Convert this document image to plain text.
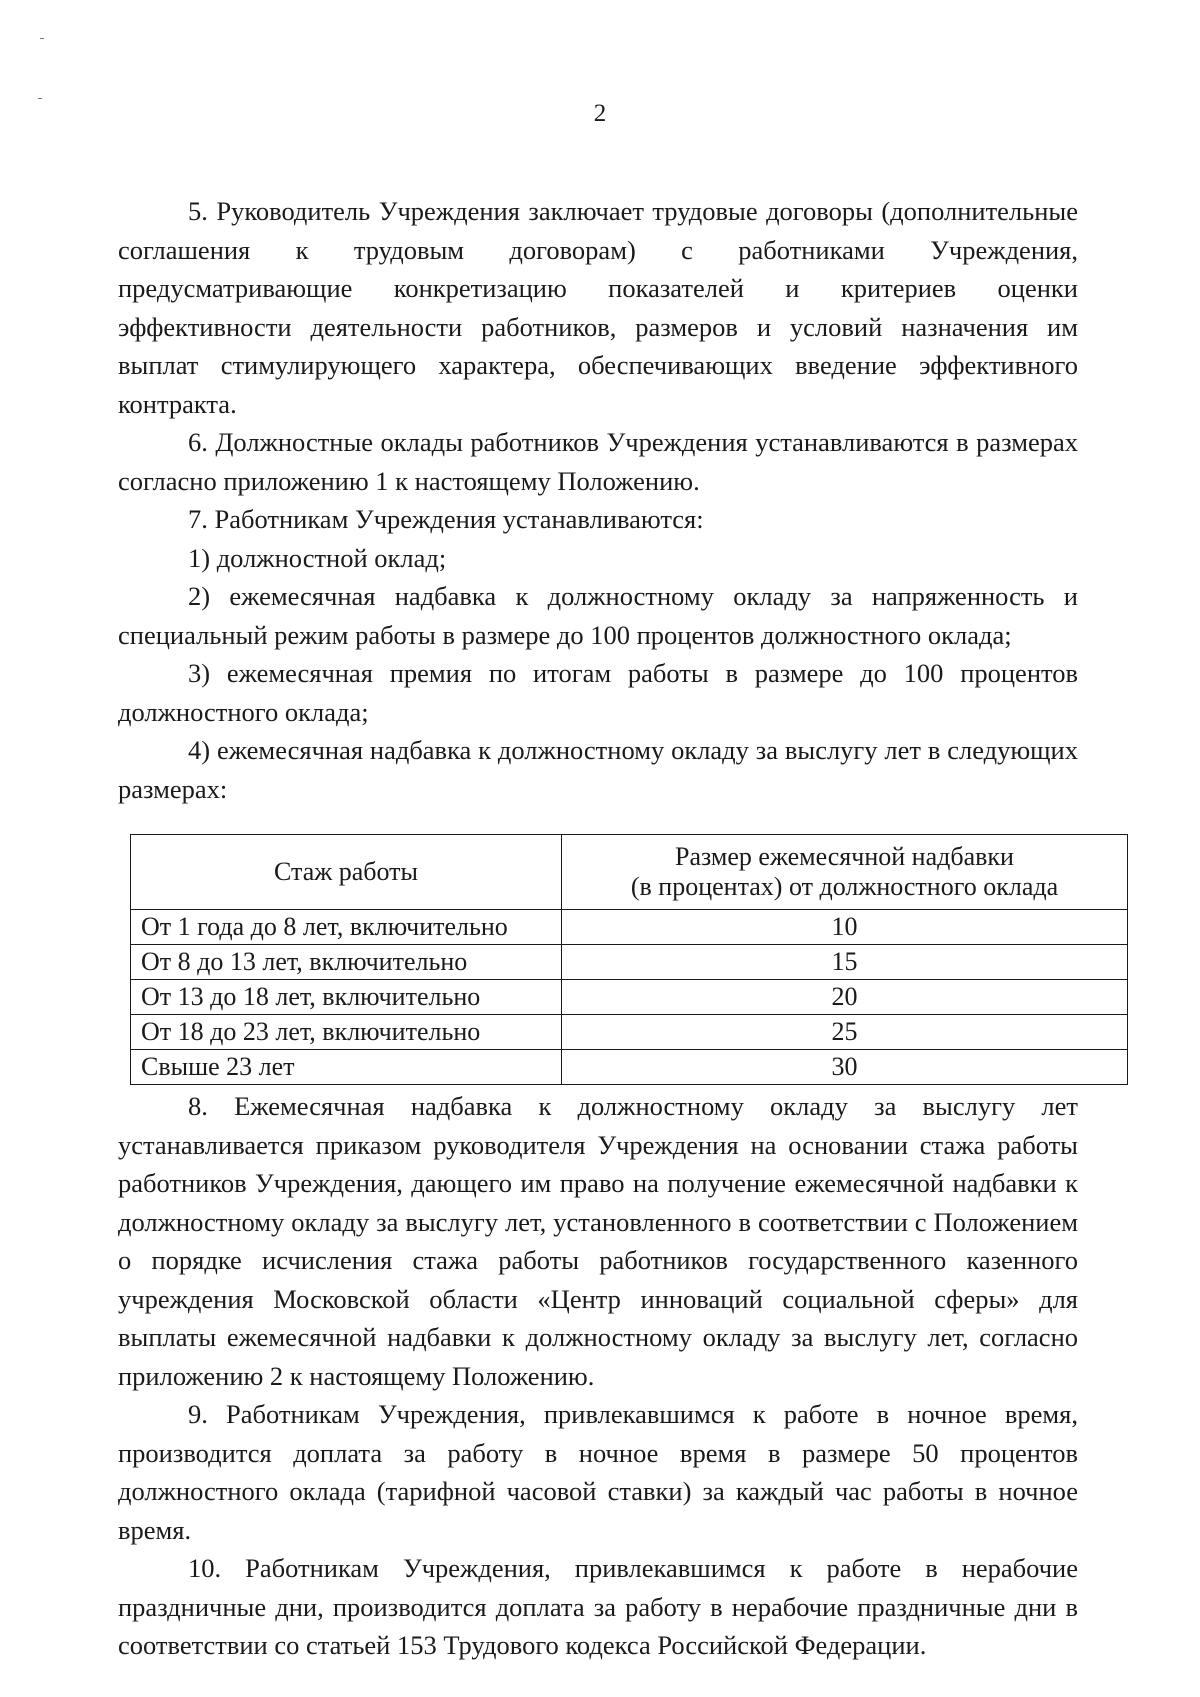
2

5. Руководитель Учреждения заключает трудовые договоры (дополнительные соглашения к трудовым договорам) с работниками Учреждения, предусматривающие конкретизацию показателей и критериев оценки эффективности деятельности работников, размеров и условий назначения им выплат стимулирующего характера, обеспечивающих введение эффективного контракта.

6. Должностные оклады работников Учреждения устанавливаются в размерах согласно приложению 1 к настоящему Положению.

7. Работникам Учреждения устанавливаются:

1) должностной оклад;

2) ежемесячная надбавка к должностному окладу за напряженность и специальный режим работы в размере до 100 процентов должностного оклада;

3) ежемесячная премия по итогам работы в размере до 100 процентов должностного оклада;

4) ежемесячная надбавка к должностному окладу за выслугу лет в следующих размерах:

Стаж работы	Размер ежемесячной надбавки
(в процентах) от должностного оклада
От 1 года до 8 лет, включительно	10
От 8 до 13 лет, включительно	15
От 13 до 18 лет, включительно	20
От 18 до 23 лет, включительно	25
Свыше 23 лет	30

8. Ежемесячная надбавка к должностному окладу за выслугу лет устанавливается приказом руководителя Учреждения на основании стажа работы работников Учреждения, дающего им право на получение ежемесячной надбавки к должностному окладу за выслугу лет, установленного в соответствии с Положением о порядке исчисления стажа работы работников государственного казенного учреждения Московской области «Центр инноваций социальной сферы» для выплаты ежемесячной надбавки к должностному окладу за выслугу лет, согласно приложению 2 к настоящему Положению.

9. Работникам Учреждения, привлекавшимся к работе в ночное время, производится доплата за работу в ночное время в размере 50 процентов должностного оклада (тарифной часовой ставки) за каждый час работы в ночное время.

10. Работникам Учреждения, привлекавшимся к работе в нерабочие праздничные дни, производится доплата за работу в нерабочие праздничные дни в соответствии со статьей 153 Трудового кодекса Российской Федерации.
